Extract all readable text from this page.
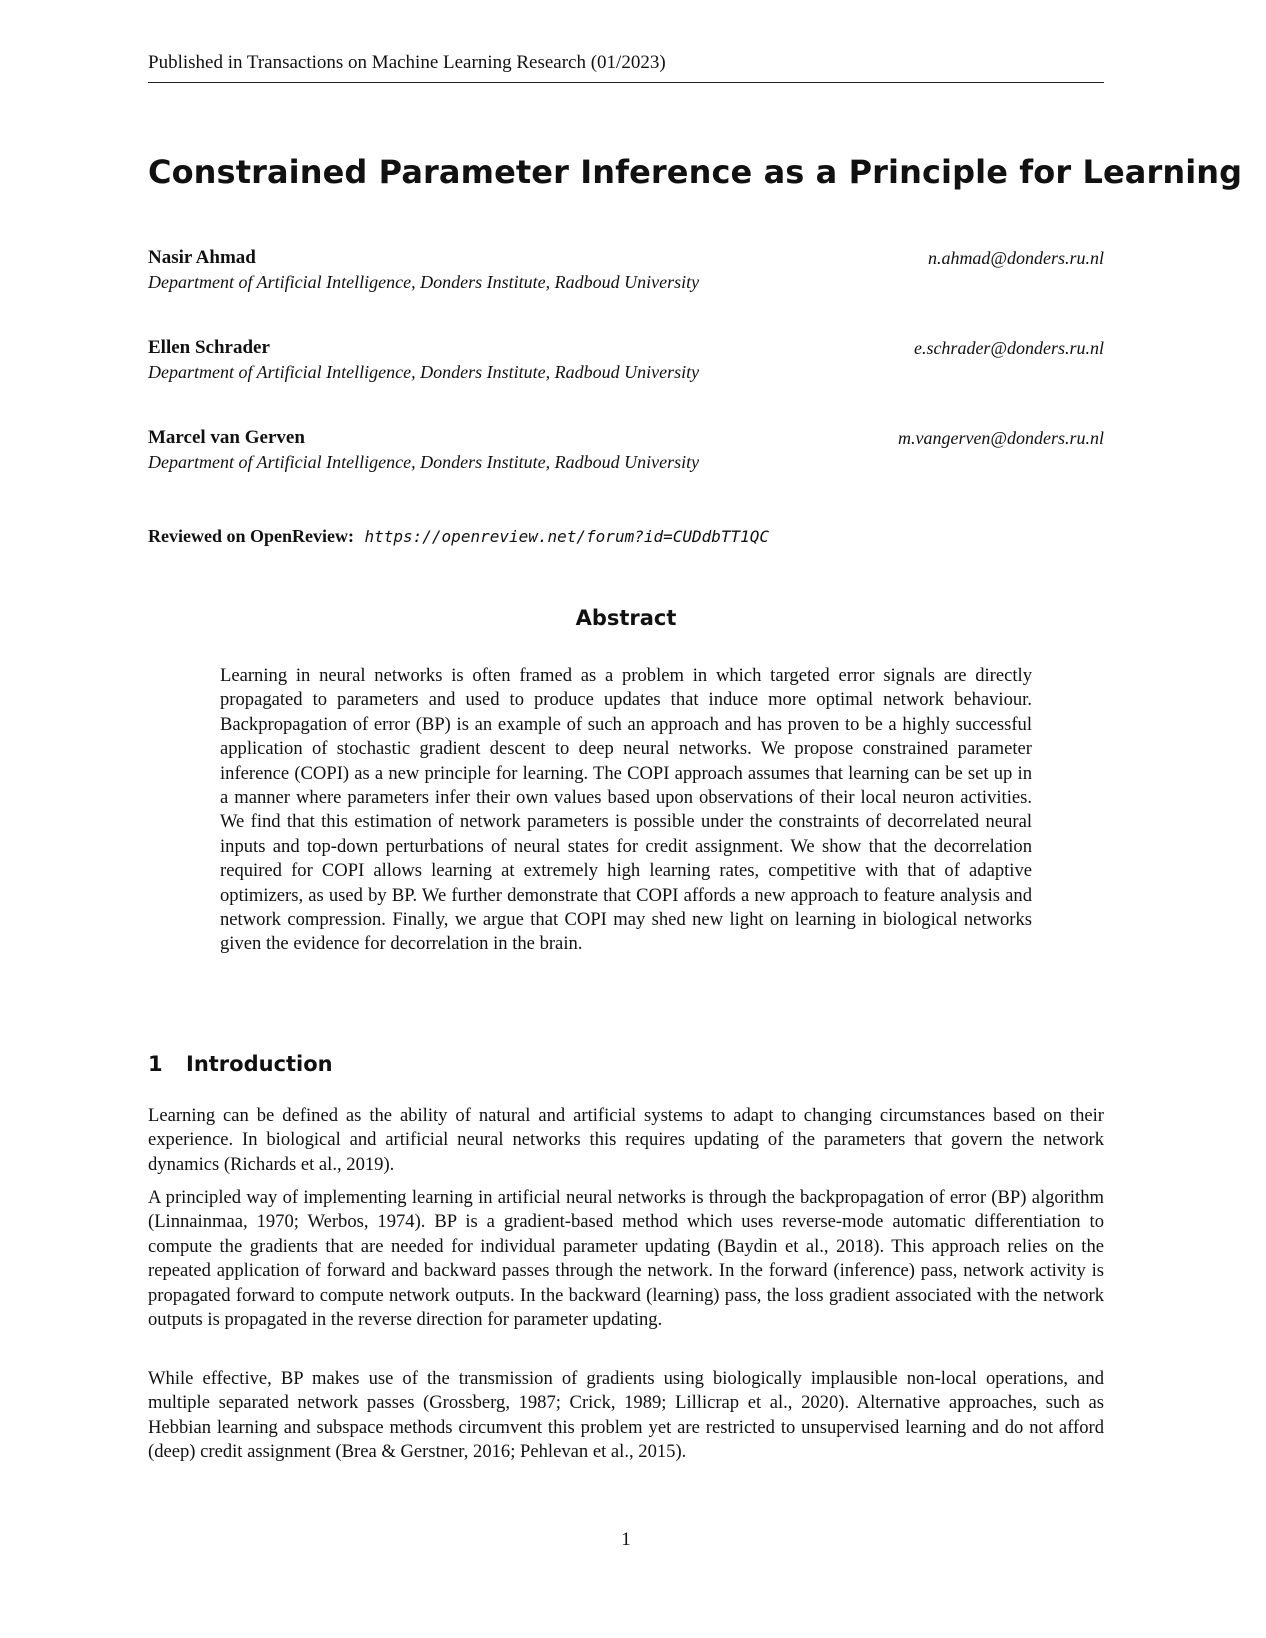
Published in Transactions on Machine Learning Research (01/2023)
Constrained Parameter Inference as a Principle for Learning
Nasir Ahmad
Department of Artificial Intelligence, Donders Institute, Radboud University
n.ahmad@donders.ru.nl
Ellen Schrader
Department of Artificial Intelligence, Donders Institute, Radboud University
e.schrader@donders.ru.nl
Marcel van Gerven
Department of Artificial Intelligence, Donders Institute, Radboud University
m.vangerven@donders.ru.nl
Reviewed on OpenReview: https://openreview.net/forum?id=CUDdbTT1QC
Abstract
Learning in neural networks is often framed as a problem in which targeted error signals are directly propagated to parameters and used to produce updates that induce more optimal network behaviour. Backpropagation of error (BP) is an example of such an approach and has proven to be a highly successful application of stochastic gradient descent to deep neural networks. We propose constrained parameter inference (COPI) as a new principle for learning. The COPI approach assumes that learning can be set up in a manner where parameters infer their own values based upon observations of their local neuron activities. We find that this estimation of network parameters is possible under the constraints of decorrelated neural inputs and top-down perturbations of neural states for credit assignment. We show that the decorrelation required for COPI allows learning at extremely high learning rates, competitive with that of adaptive optimizers, as used by BP. We further demonstrate that COPI affords a new approach to feature analysis and network compression. Finally, we argue that COPI may shed new light on learning in biological networks given the evidence for decorrelation in the brain.
1 Introduction
Learning can be defined as the ability of natural and artificial systems to adapt to changing circumstances based on their experience. In biological and artificial neural networks this requires updating of the parameters that govern the network dynamics (Richards et al., 2019).
A principled way of implementing learning in artificial neural networks is through the backpropagation of error (BP) algorithm (Linnainmaa, 1970; Werbos, 1974). BP is a gradient-based method which uses reverse-mode automatic differentiation to compute the gradients that are needed for individual parameter updating (Baydin et al., 2018). This approach relies on the repeated application of forward and backward passes through the network. In the forward (inference) pass, network activity is propagated forward to compute network outputs. In the backward (learning) pass, the loss gradient associated with the network outputs is propagated in the reverse direction for parameter updating.
While effective, BP makes use of the transmission of gradients using biologically implausible non-local operations, and multiple separated network passes (Grossberg, 1987; Crick, 1989; Lillicrap et al., 2020). Alternative approaches, such as Hebbian learning and subspace methods circumvent this problem yet are restricted to unsupervised learning and do not afford (deep) credit assignment (Brea & Gerstner, 2016; Pehlevan et al., 2015).
1
